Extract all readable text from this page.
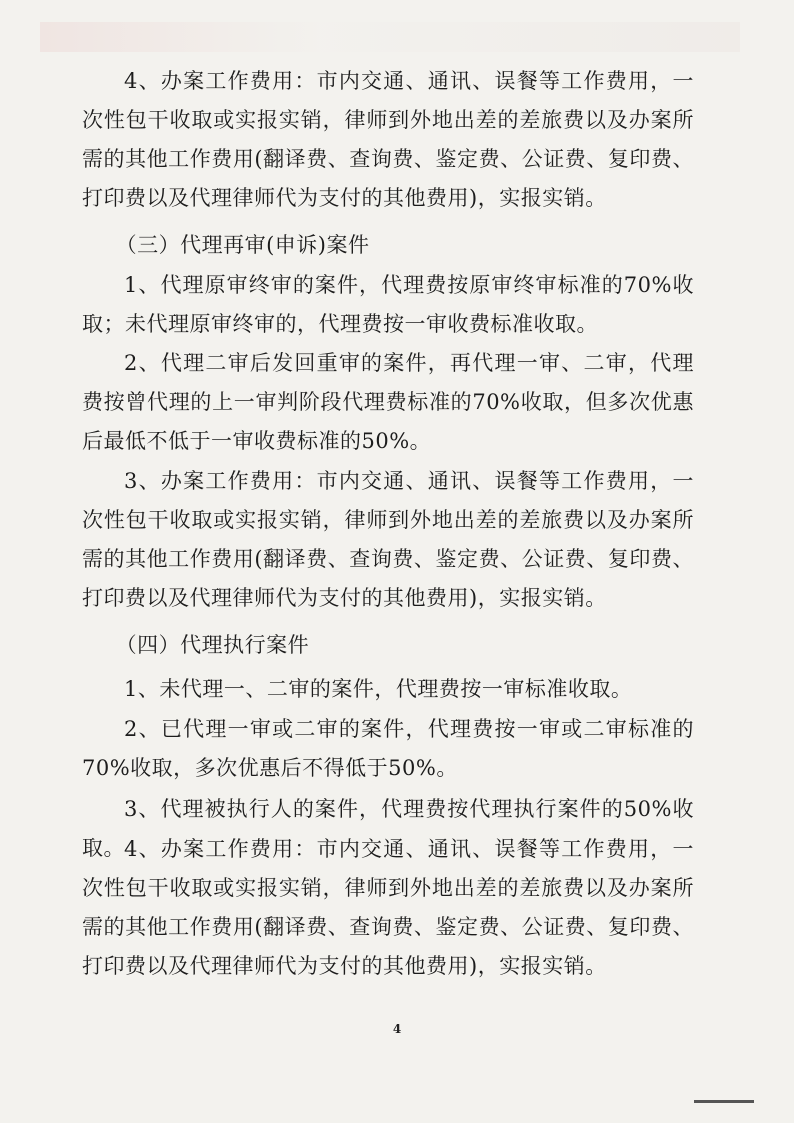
4、办案工作费用：市内交通、通讯、误餐等工作费用，一次性包干收取或实报实销，律师到外地出差的差旅费以及办案所需的其他工作费用(翻译费、查询费、鉴定费、公证费、复印费、打印费以及代理律师代为支付的其他费用)，实报实销。

（三）代理再审(申诉)案件

1、代理原审终审的案件，代理费按原审终审标准的70%收取；未代理原审终审的，代理费按一审收费标准收取。

2、代理二审后发回重审的案件，再代理一审、二审，代理费按曾代理的上一审判阶段代理费标准的70%收取，但多次优惠后最低不低于一审收费标准的50%。

3、办案工作费用：市内交通、通讯、误餐等工作费用，一次性包干收取或实报实销，律师到外地出差的差旅费以及办案所需的其他工作费用(翻译费、查询费、鉴定费、公证费、复印费、打印费以及代理律师代为支付的其他费用)，实报实销。

（四）代理执行案件

1、未代理一、二审的案件，代理费按一审标准收取。

2、已代理一审或二审的案件，代理费按一审或二审标准的70%收取，多次优惠后不得低于50%。

3、代理被执行人的案件，代理费按代理执行案件的50%收取。 4、办案工作费用：市内交通、通讯、误餐等工作费用，一次性包干收取或实报实销，律师到外地出差的差旅费以及办案所需的其他工作费用(翻译费、查询费、鉴定费、公证费、复印费、打印费以及代理律师代为支付的其他费用)，实报实销。

4
